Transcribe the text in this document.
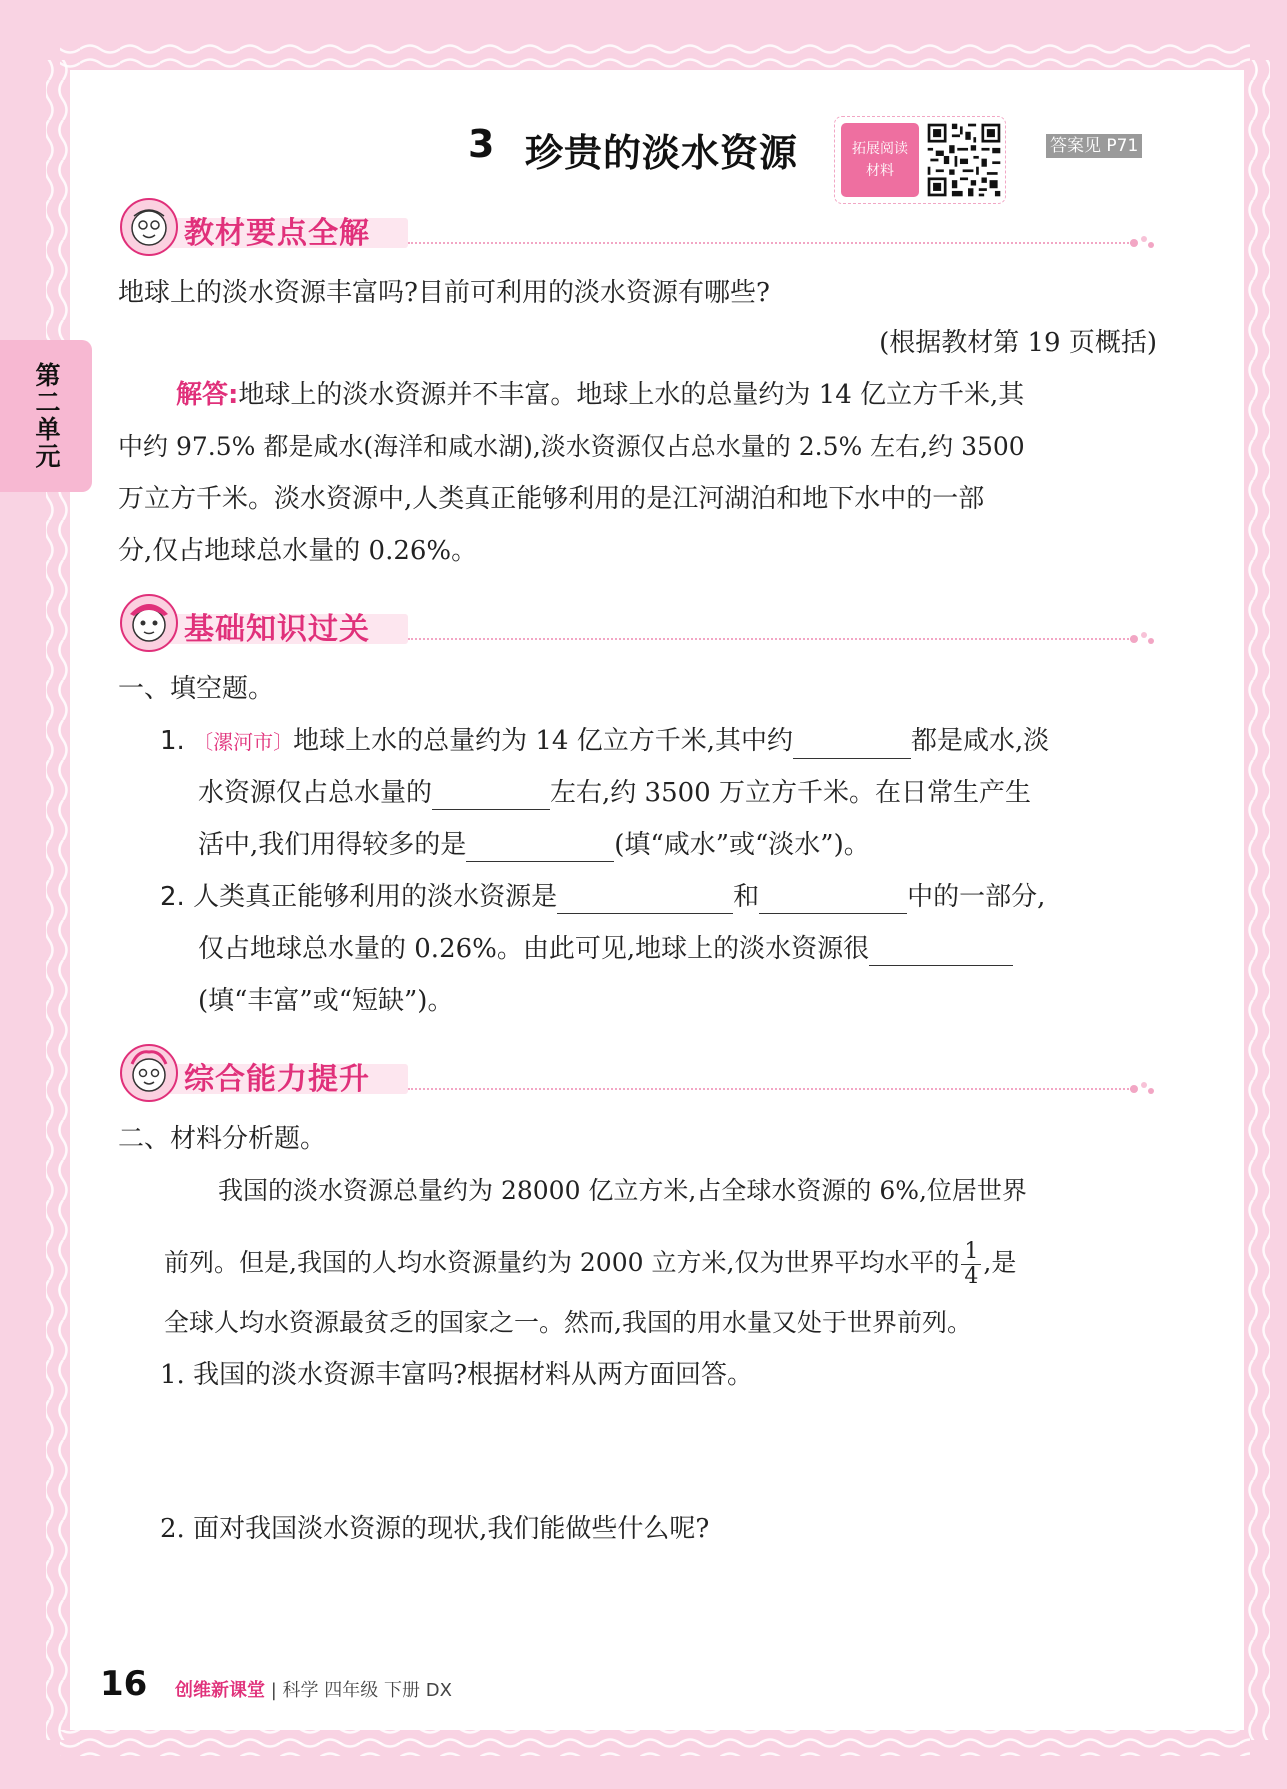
第二单元
3 珍贵的淡水资源	拓展阅读
材料
答案见 P71
教材要点全解
地球上的淡水资源丰富吗?目前可利用的淡水资源有哪些?
(根据教材第 19 页概括)
解答:地球上的淡水资源并不丰富。地球上水的总量约为 14 亿立方千米,其
中约 97.5% 都是咸水(海洋和咸水湖),淡水资源仅占总水量的 2.5% 左右,约 3500
万立方千米。淡水资源中,人类真正能够利用的是江河湖泊和地下水中的一部
分,仅占地球总水量的 0.26%。
基础知识过关
一、填空题。
1. 〔漯河市〕地球上水的总量约为 14 亿立方千米,其中约	都是咸水,淡
水资源仅占总水量的	左右,约 3500 万立方千米。在日常生产生
活中,我们用得较多的是	(填“咸水”或“淡水”)。
2. 人类真正能够利用的淡水资源是	和	中的一部分,
仅占地球总水量的 0.26%。由此可见,地球上的淡水资源很
(填“丰富”或“短缺”)。
综合能力提升
二、材料分析题。
我国的淡水资源总量约为 28000 亿立方米,占全球水资源的 6%,位居世界
前列。但是,我国的人均水资源量约为 2000 立方米,仅为世界平均水平的 $\frac{1}{4}$ ,是
全球人均水资源最贫乏的国家之一。然而,我国的用水量又处于世界前列。
1. 我国的淡水资源丰富吗?根据材料从两方面回答。
2. 面对我国淡水资源的现状,我们能做些什么呢?
16 创维新课堂 | 科学 四年级 下册 DX
